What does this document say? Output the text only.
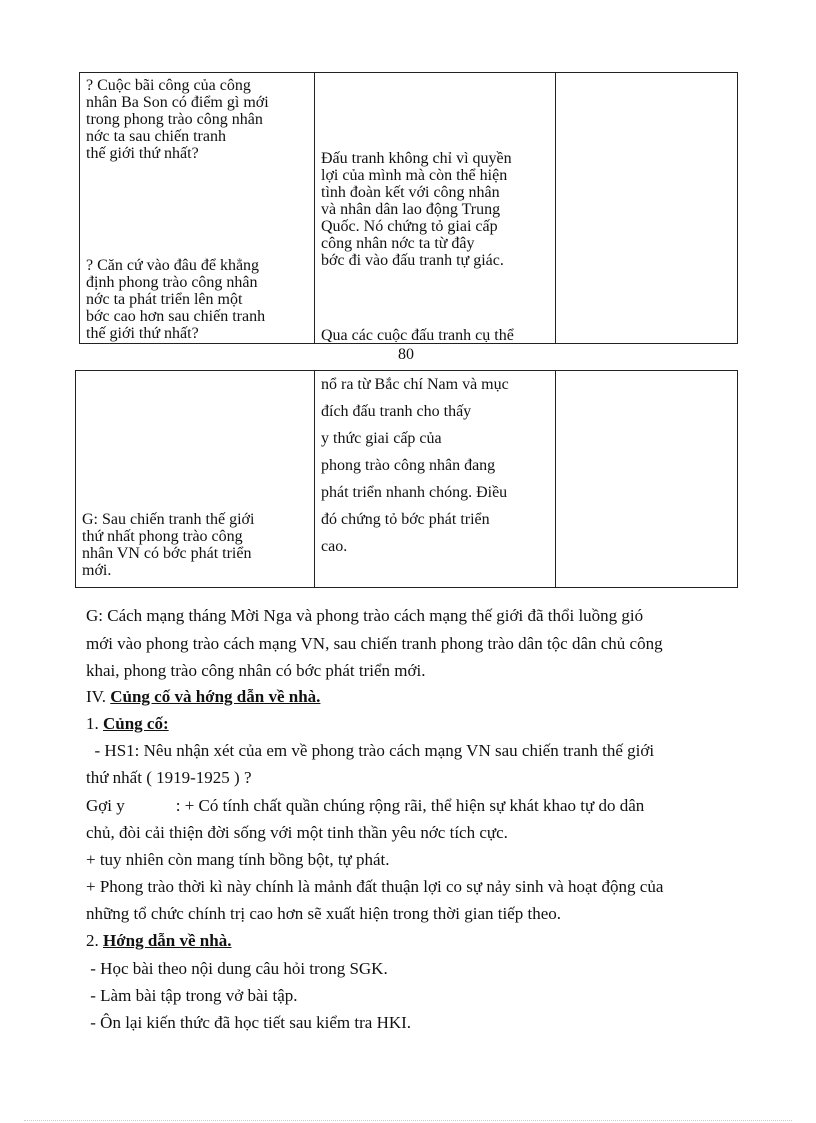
? Cuộc bãi công của công
nhân Ba Son có điểm gì mới
trong phong trào công nhân
nớc ta sau chiến tranh
thế giới thứ nhất?
? Căn cứ vào đâu để khẳng
định phong trào công nhân
nớc ta phát triển lên một
bớc cao hơn sau chiến tranh
thế giới thứ nhất?
Đấu tranh không chỉ vì quyền
lợi của mình mà còn thể hiện
tình đoàn kết với công nhân
và nhân dân lao động Trung
Quốc. Nó chứng tỏ giai cấp
công nhân nớc ta từ đây
bớc đi vào đấu tranh tự giác.
Qua các cuộc đấu tranh cụ thể
80
G: Sau chiến tranh thế giới
thứ nhất phong trào công
nhân VN có bớc phát triển
mới.
nổ ra từ Bắc chí Nam và mục
đích đấu tranh cho thấy
y thức giai cấp của
phong trào công nhân đang
phát triển nhanh chóng. Điều
đó chứng tỏ bớc phát triển
cao.
G: Cách mạng tháng Mời Nga và phong trào cách mạng thế giới đã thổi luồng gió
mới vào phong trào cách mạng VN, sau chiến tranh phong trào dân tộc dân chủ công
khai, phong trào công nhân có bớc phát triển mới.
IV. Củng cố và hớng dẫn về nhà.
1. Củng cố:
- HS1: Nêu nhận xét của em về phong trào cách mạng VN sau chiến tranh thế giới
thứ nhất ( 1919-1925 ) ?
Gợi y            : + Có tính chất quần chúng rộng rãi, thể hiện sự khát khao tự do dân
chủ, đòi cải thiện đời sống với một tinh thần yêu nớc tích cực.
+ tuy nhiên còn mang tính bồng bột, tự phát.
+ Phong trào thời kì này chính là mảnh đất thuận lợi co sự nảy sinh và hoạt động của
những tổ chức chính trị cao hơn sẽ xuất hiện trong thời gian tiếp theo.
2. Hớng dẫn về nhà.
- Học bài theo nội dung câu hỏi trong SGK.
- Làm bài tập trong vở bài tập.
- Ôn lại kiến thức đã học tiết sau kiểm tra HKI.
